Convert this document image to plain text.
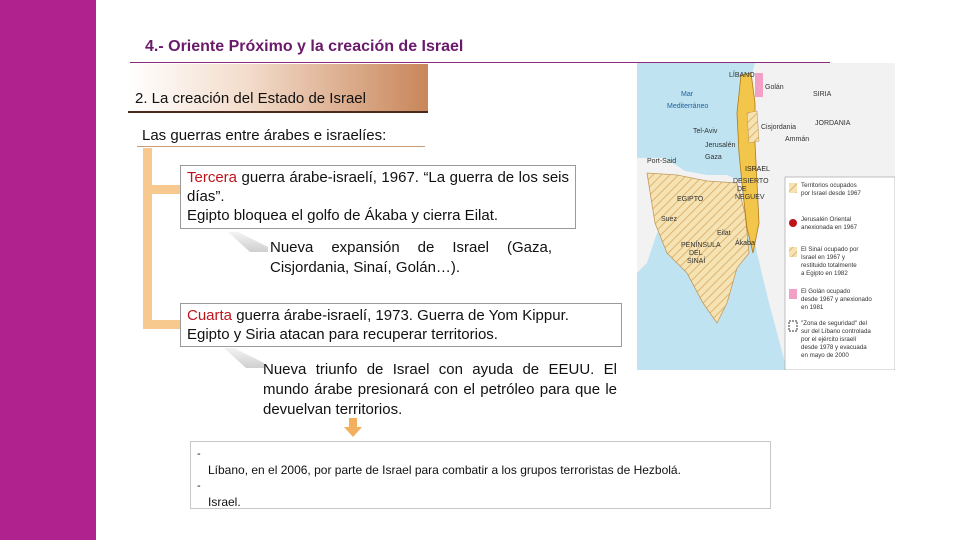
4.- Oriente Próximo y la creación de Israel
2. La creación del Estado de Israel
Las guerras entre árabes e israelíes:
Tercera guerra árabe-israelí, 1967. “La guerra de los seis días”.
Egipto bloquea el golfo de Ákaba y cierra Eilat.
Nueva expansión de Israel (Gaza, Cisjordania, Sinaí, Golán…).
Cuarta guerra árabe-israelí, 1973. Guerra de Yom Kippur.
Egipto y Siria atacan para recuperar territorios.
Nueva triunfo de Israel con ayuda de EEUU. El mundo árabe presionará con el petróleo para que le devuelvan territorios.
-
Líbano, en el 2006, por parte de Israel para combatir a los grupos terroristas de Hezbolá.
-
Israel.
LÍBANO
Golán
SIRIA
Mar
Mediterráneo
Tel-Aviv
Cisjordania
JORDANIA
Jerusalén
Ammán
Gaza
Port-Said
ISRAEL
DESIERTO
DE
NEGUEV
EGIPTO
Suez
Eilat
Ákaba
PENÍNSULA
DEL
SINAÍ
Territorios ocupados
por Israel desde 1967
Jerusalén Oriental
anexionada en 1967
El Sinaí ocupado por
Israel en 1967 y
restituido totalmente
a Egipto en 1982
El Golán ocupado
desde 1967 y anexionado
en 1981
"Zona de seguridad" del
sur del Líbano controlada
por el ejército israelí
desde 1978 y evacuada
en mayo de 2000
